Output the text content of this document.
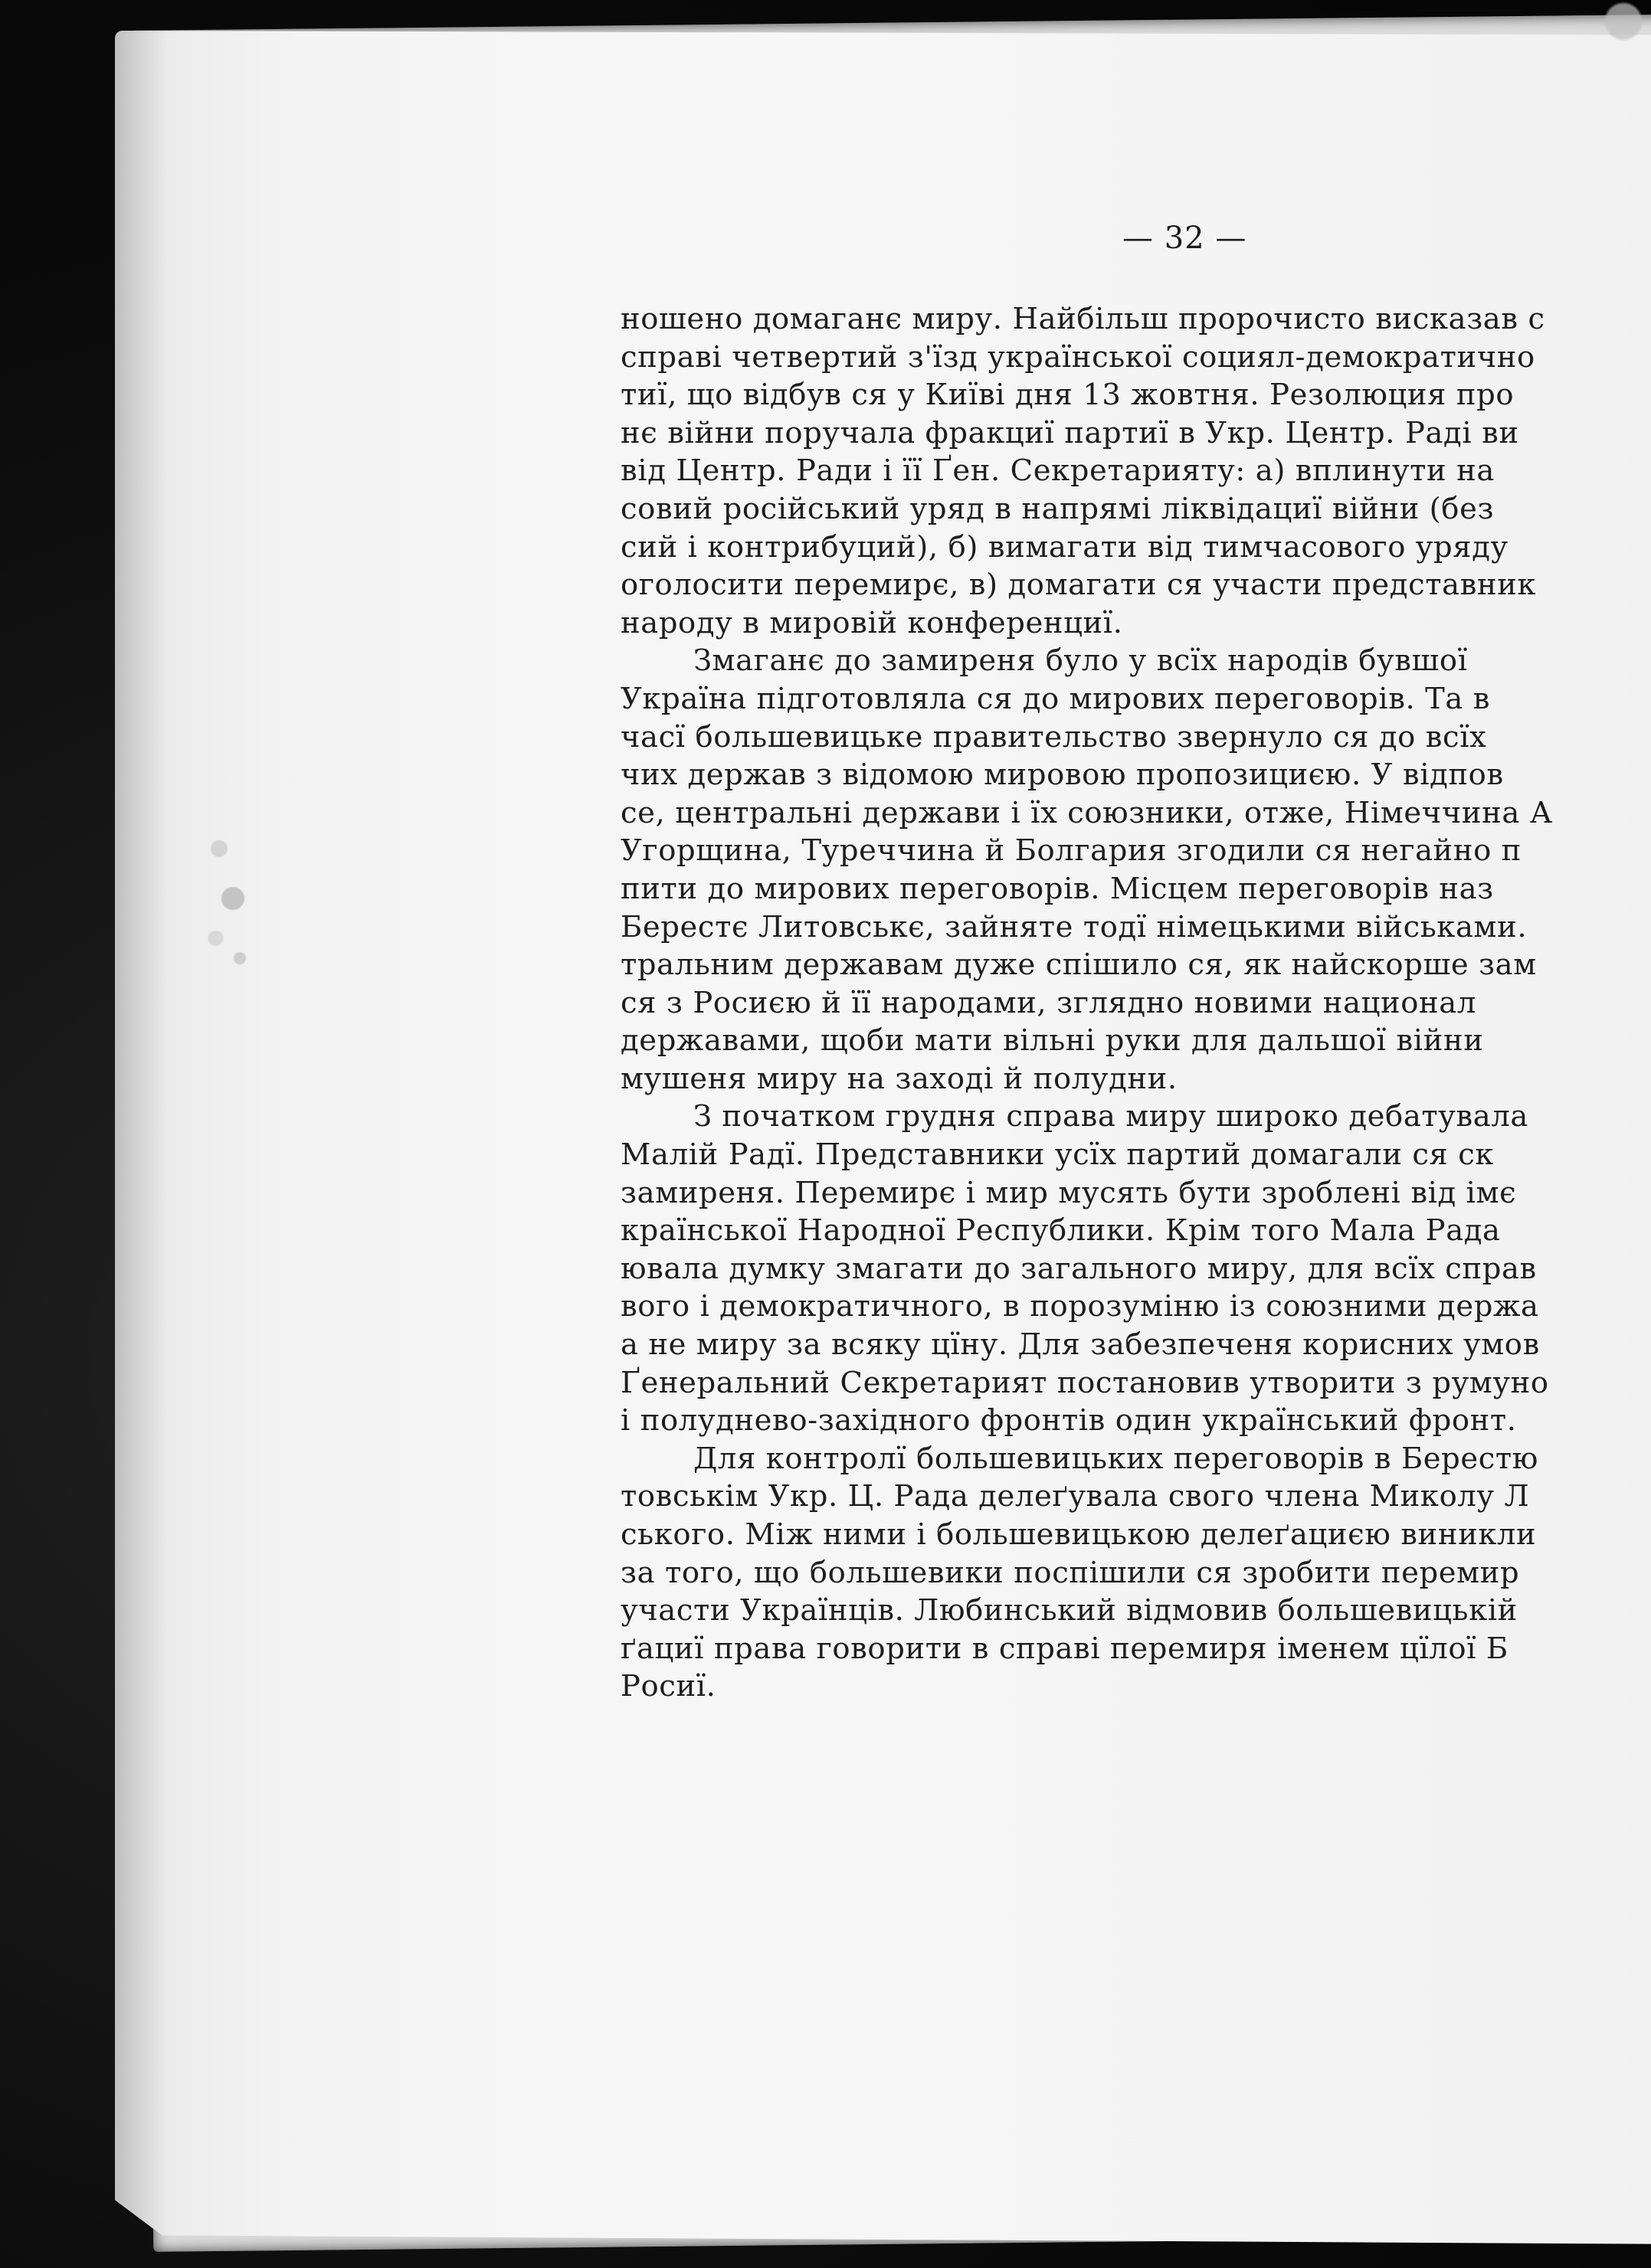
— 32 —
ношено домаганє миру. Найбільш пророчисто висказав с
справі четвертий з'їзд української социял-демократично
тиї, що відбув ся у Київі дня 13 жовтня. Резолюция про
нє війни поручала фракциї партиї в Укр. Центр. Раді ви
від Центр. Ради і її Ґен. Секретарияту: а) вплинути на
совий російський уряд в напрямі ліквідациї війни (без
сий і контрибуций), б) вимагати від тимчасового уряду
оголосити перемирє, в) домагати ся участи представник
народу в мировій конференциї.
Змаганє до замиреня було у всїх народів бувшої
Україна підготовляла ся до мирових переговорів. Та в
часї большевицьке правительство звернуло ся до всїх
чих держав з відомою мировою пропозициєю. У відпов
се, центральні держави і їх союзники, отже, Німеччина А
Угорщина, Туреччина й Болгария згодили ся негайно п
пити до мирових переговорів. Місцем переговорів наз
Берестє Литовськє, зайняте тодї німецькими військами.
тральним державам дуже спішило ся, як найскорше зам
ся з Росиєю й її народами, зглядно новими национал
державами, щоби мати вільні руки для дальшої війни
мушеня миру на заході й полудни.
З початком грудня справа миру широко дебатувала
Малій Радї. Представники усїх партий домагали ся ск
замиреня. Перемирє і мир мусять бути зроблені від імє
країнської Народної Республики. Крім того Мала Рада
ювала думку змагати до загального миру, для всїх справ
вого і демократичного, в порозуміню із союзними держа
а не миру за всяку цїну. Для забезпеченя корисних умов
Ґенеральний Секретарият постановив утворити з румуно
і полуднево-західного фронтів один український фронт.
Для контролї большевицьких переговорів в Берестю
товськім Укр. Ц. Рада делеґувала свого члена Миколу Л
ського. Між ними і большевицькою делеґациєю виникли
за того, що большевики поспішили ся зробити перемир
участи Українців. Любинський відмовив большевицькій
ґациї права говорити в справі перемиря іменем цїлої Б
Росиї.
